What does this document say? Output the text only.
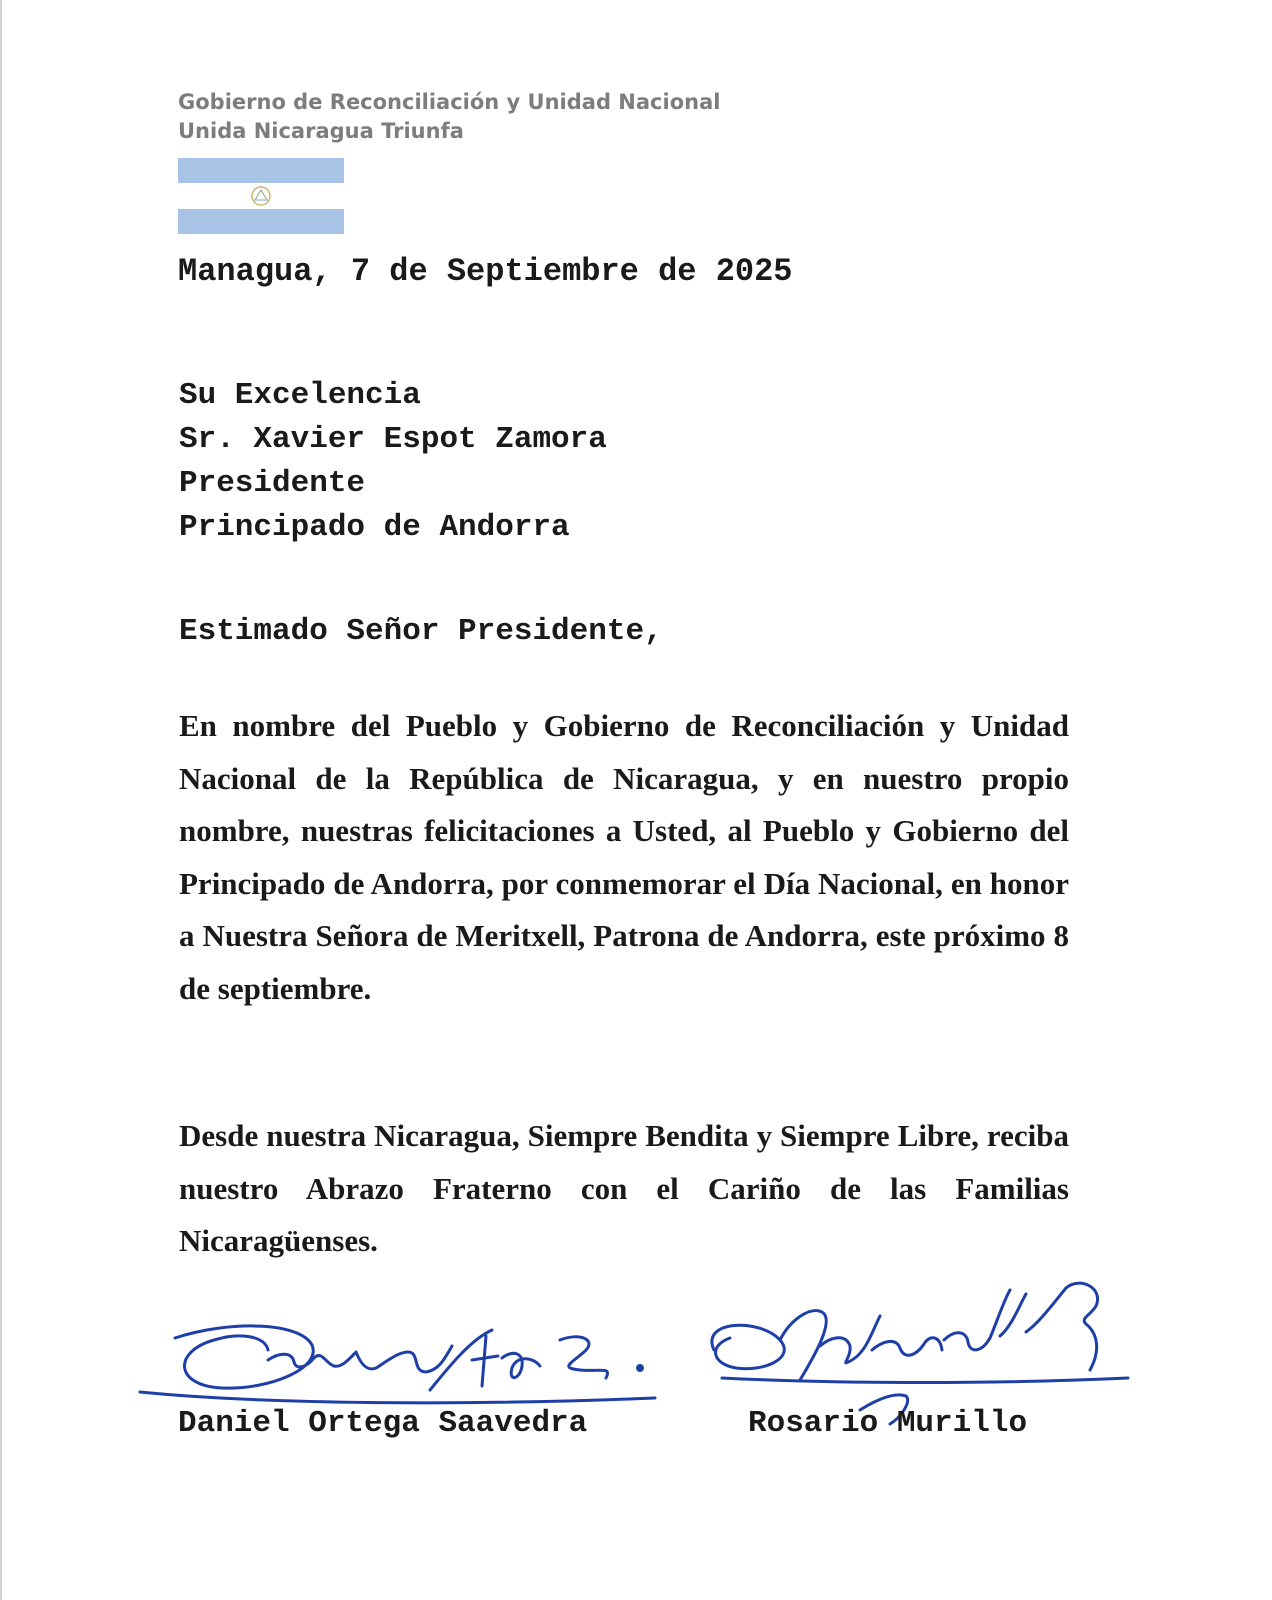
Gobierno de Reconciliación y Unidad Nacional
Unida Nicaragua Triunfa
Managua, 7 de Septiembre de 2025
Su Excelencia
Sr. Xavier Espot Zamora
Presidente
Principado de Andorra
Estimado Señor Presidente,
En nombre del Pueblo y Gobierno de Reconciliación y Unidad Nacional de la República de Nicaragua, y en nuestro propio nombre, nuestras felicitaciones a Usted, al Pueblo y Gobierno del Principado de Andorra, por conmemorar el Día Nacional, en honor a Nuestra Señora de Meritxell, Patrona de Andorra, este próximo 8 de septiembre.
Desde nuestra Nicaragua, Siempre Bendita y Siempre Libre, reciba nuestro Abrazo Fraterno con el Cariño de las Familias Nicaragüenses.
Daniel Ortega Saavedra	Rosario Murillo
